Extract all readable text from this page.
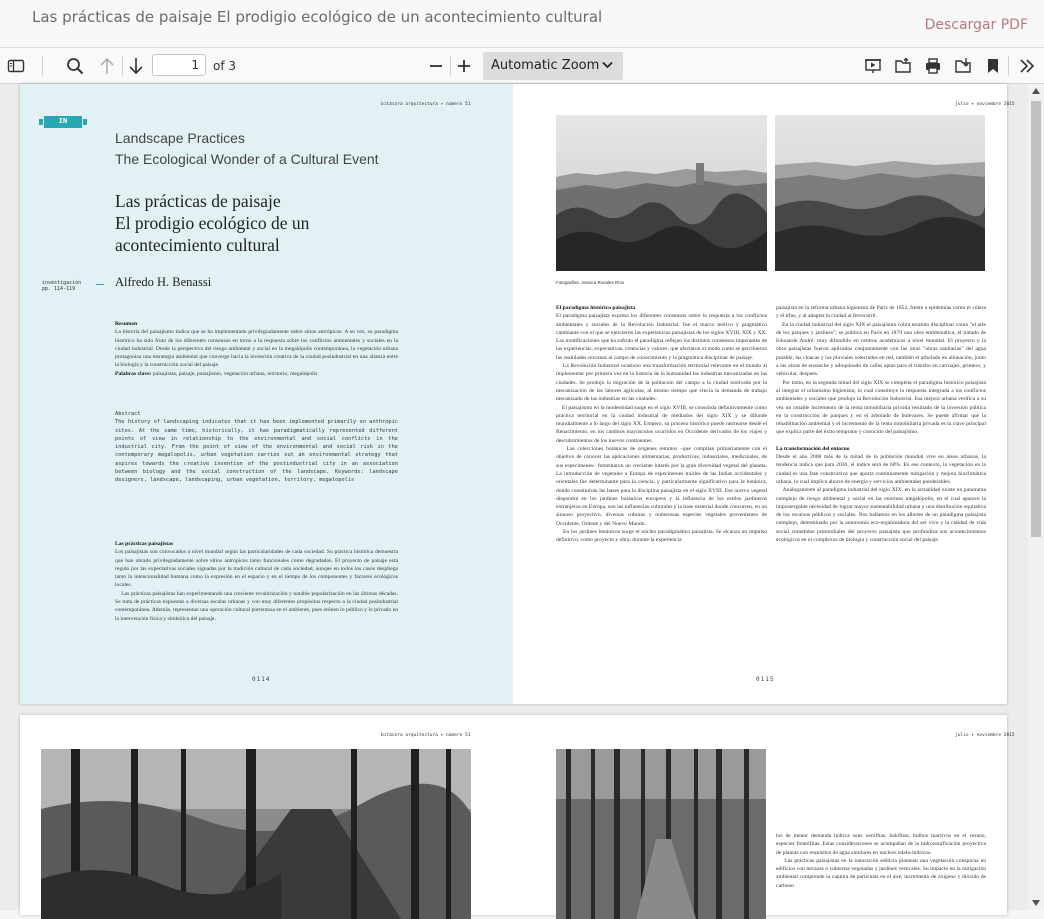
Las prácticas de paisaje El prodigio ecológico de un acontecimiento cultural	Descargar PDF
1
of 3	Automatic Zoom
bitácora arquitectura ✦ número 51
IN
Landscape Practices
The Ecological Wonder of a Cultural Event
Las prácticas de paisaje
El prodigio ecológico de un
acontecimiento cultural
investigación
pp. 114-119	Alfredo H. Benassi
Resumen
La historia del paisajismo indica que se ha implementado privilegiadamente sobre sitios antrópicos. A su vez, su paradigma histórico ha sido fruto de los diferentes consensos en torno a la respuesta sobre los conflictos ambientales y sociales en la ciudad industrial. Desde la perspectiva del riesgo ambiental y social en la megalópolis contemporánea, la vegetación urbana protagoniza una estrategia ambiental que converge hacia la invención creativa de la ciudad posindustrial en una alianza entre la biología y la construcción social del paisaje.
Palabras clave: paisajistas, paisaje, paisajismo, vegetación urbana, territorio, megalópolis
Abstract
The history of landscaping indicates that it has been implemented primarily on anthropic sites. At the same time, historically, it has paradigmatically represented different points of view in relationship to the environmental and social conflicts in the industrial city. From the point of view of the environmental and social risk in the contemporary megalopolis, urban vegetation carries out an environmental strategy that aspires towards the creative invention of the postindustrial city in an association between biology and the social construction of the landscape. Keywords: landscape designers, landscape, landscaping, urban vegetation, territory, megalopolis
Las prácticas paisajistas
Los paisajistas son convocados a nivel mundial según las particularidades de cada sociedad. Su práctica histórica demuestra que han obrado privilegiadamente sobre sitios antrópicos tanto funcionales como degradados. El proyecto de paisaje está regido por las expectativas sociales signadas por la tradición cultural de cada sociedad, aunque en todos los casos despliega tanto la intencionalidad humana como la expresión en el espacio y en el tiempo de los componentes y factores ecológicos locales.
Las prácticas paisajistas han experimentando una creciente revalorización y notable popularización en las últimas décadas. Se trata de prácticas expuestas a diversas escalas urbanas y con muy diferentes propósitos respecto a la ciudad posindustrial contemporánea. Además, representan una operación cultural portentosa en el ambiente, pues reúnen lo público y lo privado en la intervención física y simbólica del paisaje.
0114
julio ✦ noviembre 2015
Fotografías: Jessica Rosales Ríos
El paradigma histórico paisajista
El paradigma paisajista expresa los diferentes consensos sobre la respuesta a los conflictos ambientales y sociales de la Revolución Industrial; fue el marco teórico y pragmático cambiante con el que se ejercieron las experiencias paisajistas de los siglos XVIII, XIX y XX. Las modificaciones que ha sufrido el paradigma reflejan los distintos consensos imperantes de las experiencias, expectativas, creencias y valores, que afectaron el modo como se percibieron las realidades cercanas al campo de conocimiento y la pragmática disciplinar de paisaje.
La Revolución Industrial ocasionó una transformación territorial relevante en el mundo al implementar por primera vez en la historia de la humanidad las industrias mecanizadas en las ciudades. Se produjo la migración de la población del campo a la ciudad motivada por la mecanización de las labores agrícolas, al mismo tiempo que crecía la demanda de trabajo mecanizado de las industrias en las ciudades.
El paisajismo en la modernidad surge en el siglo XVIII, se consolida definitivamente como práctica territorial en la ciudad industrial de mediados del siglo XIX y se difunde mundialmente a lo largo del siglo XX. Empero, su proceso histórico puede rastrearse desde el Renacimiento, en los cambios mayúsculos ocurridos en Occidente derivados de los viajes y descubrimientos de los nuevos continentes.
Las colecciones botánicas de orígenes remotos –que cumplían primariamente con el objetivo de conocer las aplicaciones alimentarias, productivas, industriales, medicinales, de sus especímenes– fomentaron un creciente interés por la gran diversidad vegetal del planeta. La introducción de vegetales a Europa de especímenes traídos de las Indias occidentales y orientales fue determinante para la ciencia, y particularmente significativo para la botánica, donde constituirán las bases para la disciplina paisajista en el siglo XVIII. Ese acervo vegetal dispondrá en los jardines botánicos europeos y la influencia de los estilos jardineros extranjeros en Europa, son las influencias culturales y la base material donde concurren, en un sinuoso proyectivo, diversas culturas y numerosas especies vegetales provenientes de Occidente, Oriente y del Nuevo Mundo.
En los jardines botánicos surge el núcleo paradigmático paisajista. Se alcanza un impulso definitivo, como proyecto y obra, durante la experiencia
paisajista en la reforma urbana higienista de París de 1852, frente a epidemias como el cólera y el tifus, y al adaptar la ciudad al ferrocarril.
En la ciudad industrial del siglo XIX el paisajismo cobra estatuto disciplinar como "el arte de los parques y jardines"; se publica en París en 1879 una obra emblemática, el tratado de Edouarde André; muy difundido en centros académicos a nivel mundial. El proyecto y la obra paisajistas fueron aplicados conjuntamente con las otras "obras sanitarias" del agua potable, las cloacas y los pluviales soterrados en red, también el arbolado en alineación, junto a las obras de ensanche y adoquinado de calles aptas para el tránsito en carruajes, primero, y vehicular, después.
Por tanto, en la segunda mitad del siglo XIX se completa el paradigma histórico paisajista al integrar el urbanismo higienista; lo cual constituye la respuesta integrada a los conflictos ambientales y sociales que produjo la Revolución Industrial. Esa mejora urbana verifica a su vez un notable incremento de la renta inmobiliaria privada resultado de la inversión pública en la construcción de parques y en el arbolado de bulevares. Se puede afirmar que la rehabilitación ambiental y el incremento de la renta inmobiliaria privada es la clave principal que explica parte del éxito temprano y conocido del paisajismo.

La transformación del entorno
Desde el año 2008 más de la mitad de la población mundial vive en áreas urbanas, la tendencia indica que para 2030, el índice será de 60%. En ese contexto, la vegetación en la ciudad es una fase constructiva que aporta continuamente mitigación y mejora bioclimática urbana, lo cual implica ahorro de energía y servicios ambientales ponderables.
Análogamente al paradigma industrial del siglo XIX, en la actualidad existe un panorama complejo de riesgo ambiental y social en las enormes megalópolis, en el cual aparece la impostergable necesidad de lograr mayor sustentabilidad urbana y una distribución equitativa de los recursos públicos y sociales. Nos hallamos en los albores de un paradigma paisajista complejo, determinado por la autonomía eco-organizadora del ser vivo y la calidad de vida social cometidos primordiales del proyecto paisajista que profundiza sus acontecimientos ecológicos en el complexus de biología y construcción social del paisaje.
0115
bitácora arquitectura ✦ número 51	julio ✦ noviembre 2015
los de menor demanda hídrica sons xerófitas, halófitas, bulbos inactivos en el verano, especies freatófitas. Estas consideraciones se acompañan de la hidrozonificación proyectiva de plantas con requisitos de agua similares en núcleos edafo-hídricos.
Las prácticas paisajistas en la naturación edilicia plantean una vegetación conspicua en edificios con terrazas o cubiertas vegetadas y jardines verticales. Su impacto en la mitigación ambiental comprende la captura de partículas en el aire, incremento de oxígeno y dióxido de carbono
